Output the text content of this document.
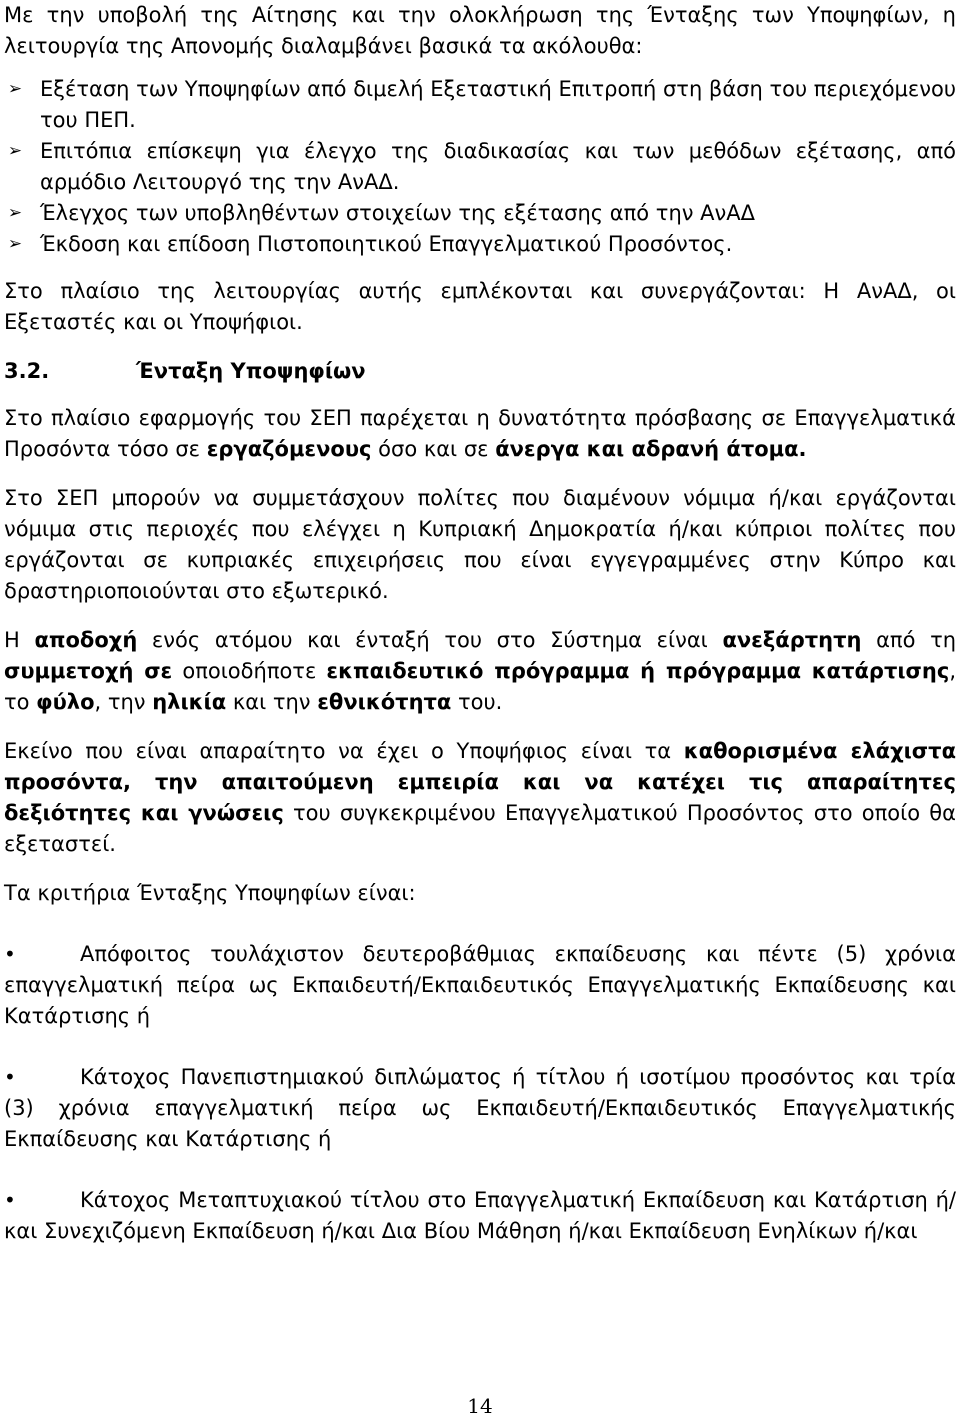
Με την υποβολή της Αίτησης και την ολοκλήρωση της Ένταξης των Υποψηφίων, η λειτουργία της Απονομής διαλαμβάνει βασικά τα ακόλουθα:

➢ Εξέταση των Υποψηφίων από διμελή Εξεταστική Επιτροπή στη βάση του περιεχόμενου του ΠΕΠ.
➢ Επιτόπια επίσκεψη για έλεγχο της διαδικασίας και των μεθόδων εξέτασης, από αρμόδιο Λειτουργό της την ΑνΑΔ.
➢ Έλεγχος των υποβληθέντων στοιχείων της εξέτασης από την ΑνΑΔ
➢ Έκδοση και επίδοση Πιστοποιητικού Επαγγελματικού Προσόντος.

Στο πλαίσιο της λειτουργίας αυτής εμπλέκονται και συνεργάζονται: Η ΑνΑΔ, οι Εξεταστές και οι Υποψήφιοι.

3.2.	Ένταξη Υποψηφίων

Στο πλαίσιο εφαρμογής του ΣΕΠ παρέχεται η δυνατότητα πρόσβασης σε Επαγγελματικά Προσόντα τόσο σε εργαζόμενους όσο και σε άνεργα και αδρανή άτομα.

Στο ΣΕΠ μπορούν να συμμετάσχουν πολίτες που διαμένουν νόμιμα ή/και εργάζονται νόμιμα στις περιοχές που ελέγχει η Κυπριακή Δημοκρατία ή/και κύπριοι πολίτες που εργάζονται σε κυπριακές επιχειρήσεις που είναι εγγεγραμμένες στην Κύπρο και δραστηριοποιούνται στο εξωτερικό.

Η αποδοχή ενός ατόμου και ένταξή του στο Σύστημα είναι ανεξάρτητη από τη συμμετοχή σε οποιοδήποτε εκπαιδευτικό πρόγραμμα ή πρόγραμμα κατάρτισης, το φύλο, την ηλικία και την εθνικότητα του.

Εκείνο που είναι απαραίτητο να έχει ο Υποψήφιος είναι τα καθορισμένα ελάχιστα προσόντα, την απαιτούμενη εμπειρία και να κατέχει τις απαραίτητες δεξιότητες και γνώσεις του συγκεκριμένου Επαγγελματικού Προσόντος στο οποίο θα εξεταστεί.

Τα κριτήρια Ένταξης Υποψηφίων είναι:

•	Απόφοιτος τουλάχιστον δευτεροβάθμιας εκπαίδευσης και πέντε (5) χρόνια επαγγελματική πείρα ως Εκπαιδευτή/Εκπαιδευτικός Επαγγελματικής Εκπαίδευσης και Κατάρτισης ή
•	Κάτοχος Πανεπιστημιακού διπλώματος ή τίτλου ή ισοτίμου προσόντος και τρία (3) χρόνια επαγγελματική πείρα ως Εκπαιδευτή/Εκπαιδευτικός Επαγγελματικής Εκπαίδευσης και Κατάρτισης ή
•	Κάτοχος Μεταπτυχιακού τίτλου στο Επαγγελματική Εκπαίδευση και Κατάρτιση ή/και Συνεχιζόμενη Εκπαίδευση ή/και Δια Βίου Μάθηση ή/και Εκπαίδευση Ενηλίκων ή/και
14
